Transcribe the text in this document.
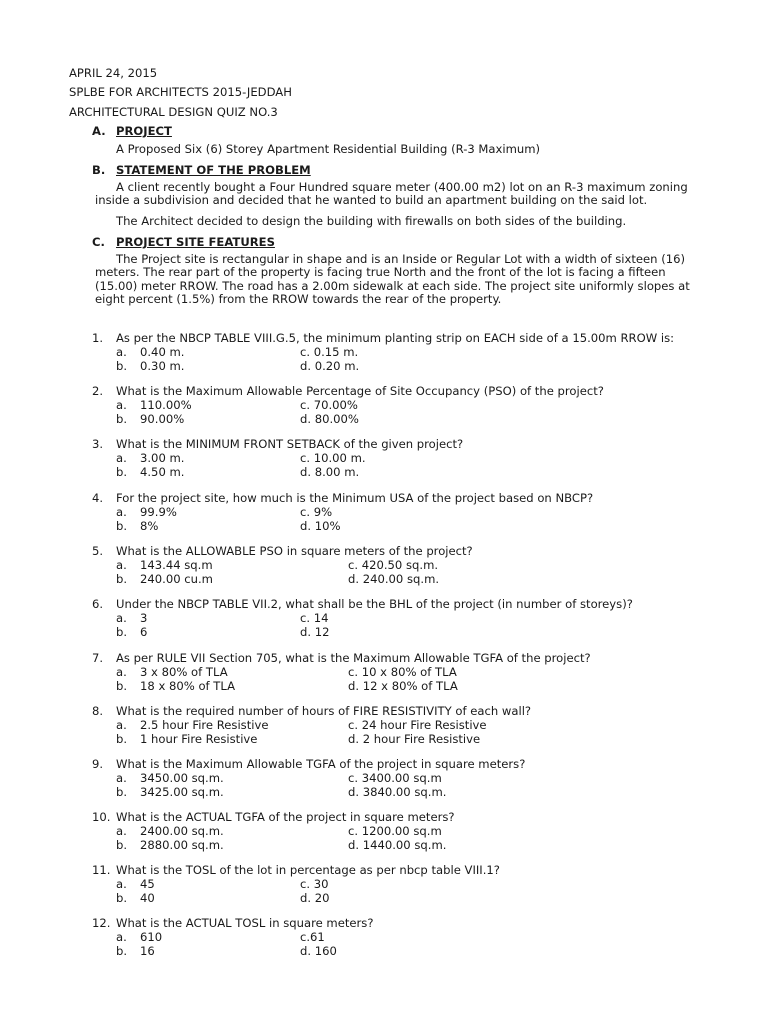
APRIL 24, 2015
SPLBE FOR ARCHITECTS 2015-JEDDAH
ARCHITECTURAL DESIGN QUIZ NO.3
A. PROJECT
A Proposed Six (6) Storey Apartment Residential Building (R-3 Maximum)
B. STATEMENT OF THE PROBLEM
A client recently bought a Four Hundred square meter (400.00 m2) lot on an R-3 maximum zoning inside a subdivision and decided that he wanted to build an apartment building on the said lot.
The Architect decided to design the building with firewalls on both sides of the building.
C. PROJECT SITE FEATURES
The Project site is rectangular in shape and is an Inside or Regular Lot with a width of sixteen (16) meters. The rear part of the property is facing true North and the front of the lot is facing a fifteen (15.00) meter RROW. The road has a 2.00m sidewalk at each side. The project site uniformly slopes at eight percent (1.5%) from the RROW towards the rear of the property.
1. As per the NBCP TABLE VIII.G.5, the minimum planting strip on EACH side of a 15.00m RROW is:
a. 0.40 m.
b. 0.30 m.
c. 0.15 m.
d. 0.20 m.
2. What is the Maximum Allowable Percentage of Site Occupancy (PSO) of the project?
a. 110.00%
b. 90.00%
c. 70.00%
d. 80.00%
3. What is the MINIMUM FRONT SETBACK of the given project?
a. 3.00 m.
b. 4.50 m.
c. 10.00 m.
d. 8.00 m.
4. For the project site, how much is the Minimum USA of the project based on NBCP?
a. 99.9%
b. 8%
c. 9%
d. 10%
5. What is the ALLOWABLE PSO in square meters of the project?
a. 143.44 sq.m
b. 240.00 cu.m
c. 420.50 sq.m.
d. 240.00 sq.m.
6. Under the NBCP TABLE VII.2, what shall be the BHL of the project (in number of storeys)?
a. 3
b. 6
c. 14
d. 12
7. As per RULE VII Section 705, what is the Maximum Allowable TGFA of the project?
a. 3 x 80% of TLA
b. 18 x 80% of TLA
c. 10 x 80% of TLA
d. 12 x 80% of TLA
8. What is the required number of hours of FIRE RESISTIVITY of each wall?
a. 2.5 hour Fire Resistive
b. 1 hour Fire Resistive
c. 24 hour Fire Resistive
d. 2 hour Fire Resistive
9. What is the Maximum Allowable TGFA of the project in square meters?
a. 3450.00 sq.m.
b. 3425.00 sq.m.
c. 3400.00 sq.m
d. 3840.00 sq.m.
10. What is the ACTUAL TGFA of the project in square meters?
a. 2400.00 sq.m.
b. 2880.00 sq.m.
c. 1200.00 sq.m
d. 1440.00 sq.m.
11. What is the TOSL of the lot in percentage as per nbcp table VIII.1?
a. 45
b. 40
c. 30
d. 20
12. What is the ACTUAL TOSL in square meters?
a. 610
b. 16
c.61
d. 160
